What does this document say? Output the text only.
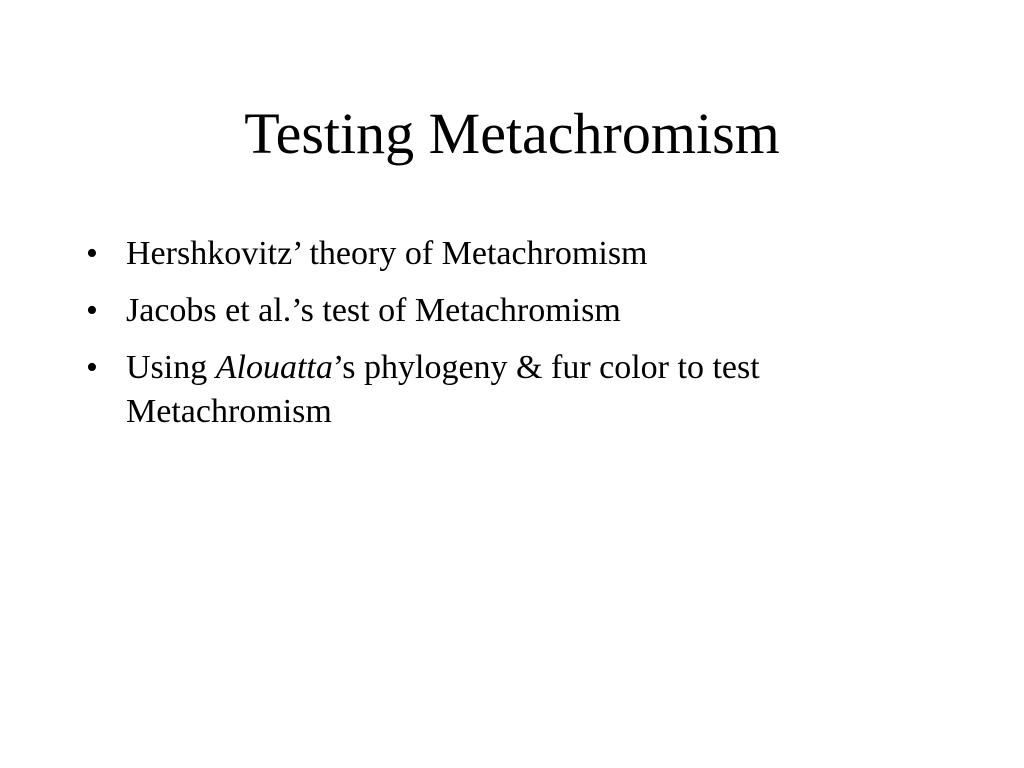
Testing Metachromism
• Hershkovitz’ theory of Metachromism
• Jacobs et al.’s test of Metachromism
• Using Alouatta’s phylogeny & fur color to test Metachromism
